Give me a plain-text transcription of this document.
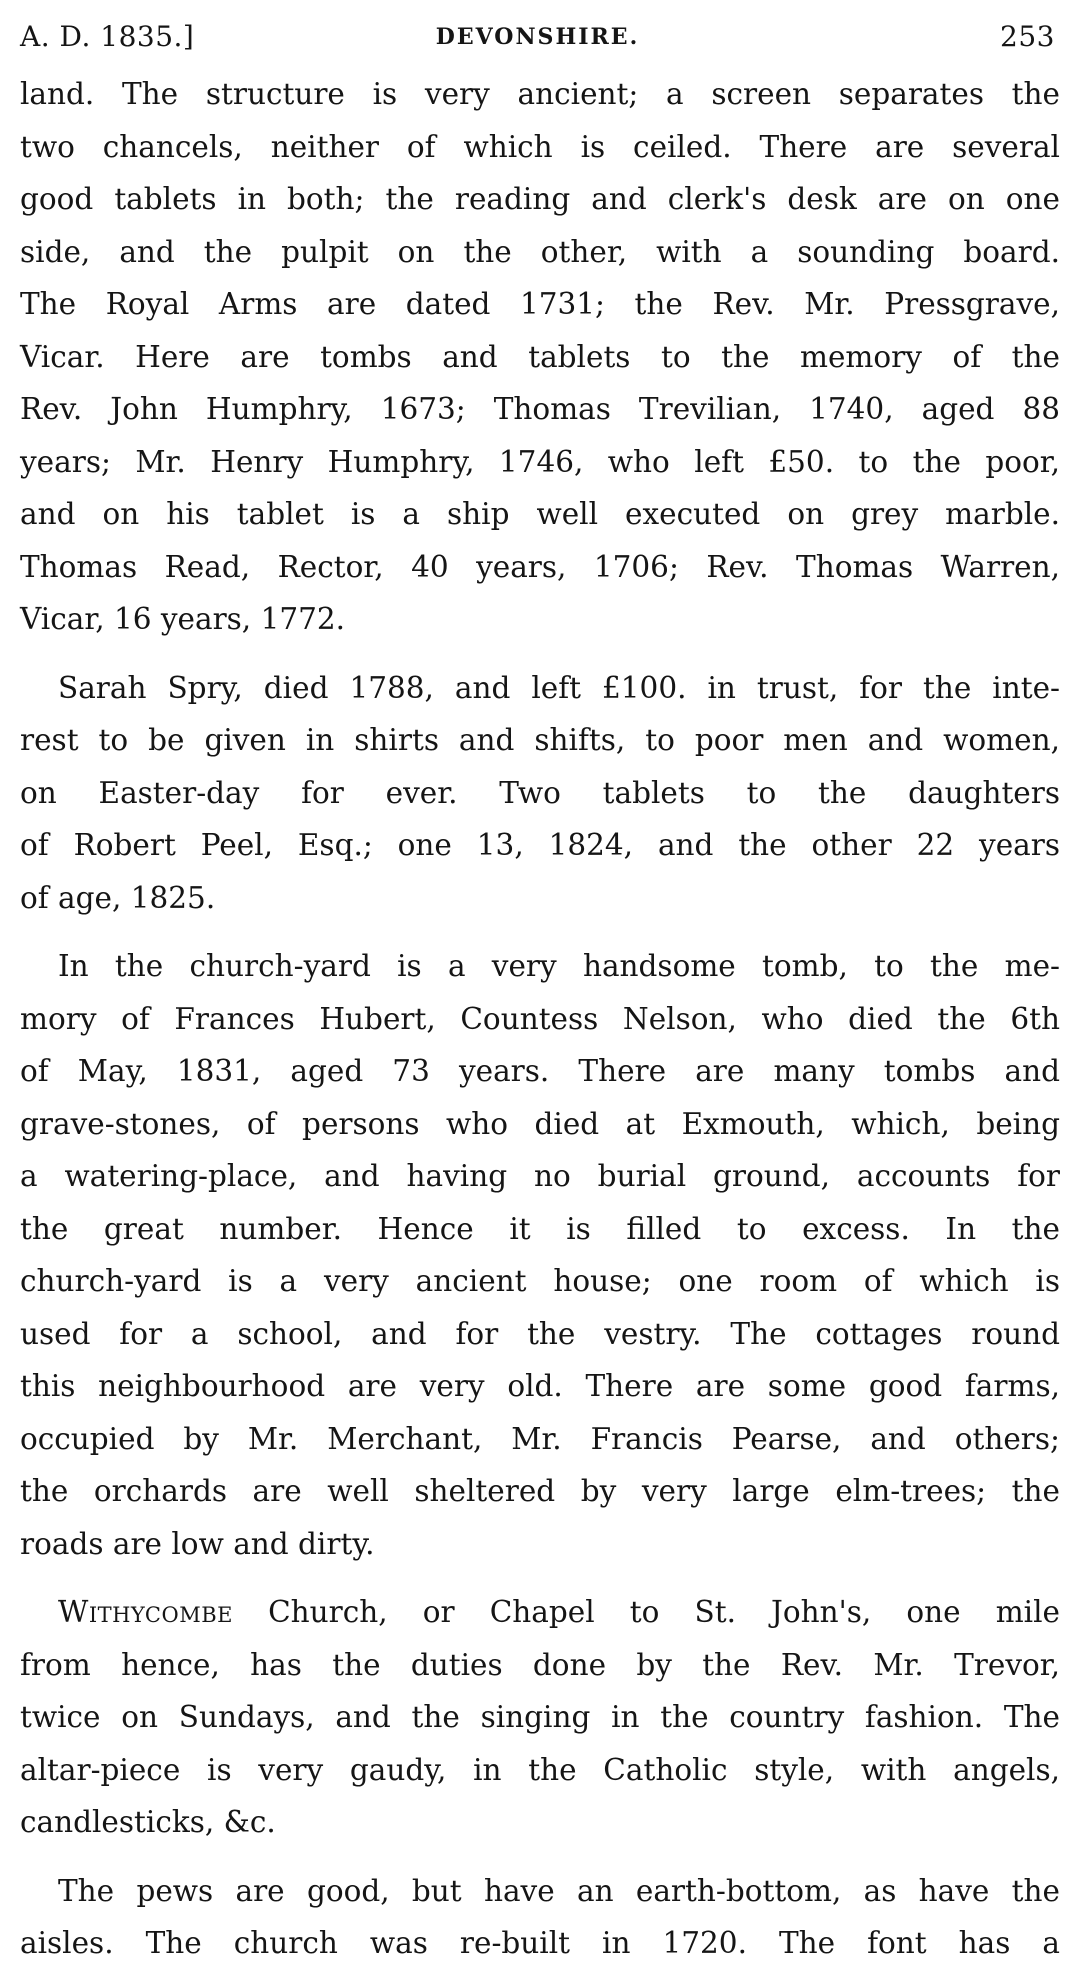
A. D. 1835.]	DEVONSHIRE.	253
land. The structure is very ancient; a screen separates the
two chancels, neither of which is ceiled. There are several
good tablets in both; the reading and clerk's desk are on one
side, and the pulpit on the other, with a sounding board.
The Royal Arms are dated 1731; the Rev. Mr. Pressgrave,
Vicar. Here are tombs and tablets to the memory of the
Rev. John Humphry, 1673; Thomas Trevilian, 1740, aged 88
years; Mr. Henry Humphry, 1746, who left £50. to the poor,
and on his tablet is a ship well executed on grey marble.
Thomas Read, Rector, 40 years, 1706; Rev. Thomas Warren,
Vicar, 16 years, 1772.
Sarah Spry, died 1788, and left £100. in trust, for the inte-
rest to be given in shirts and shifts, to poor men and women,
on Easter-day for ever. Two tablets to the daughters
of Robert Peel, Esq.; one 13, 1824, and the other 22 years
of age, 1825.
In the church-yard is a very handsome tomb, to the me-
mory of Frances Hubert, Countess Nelson, who died the 6th
of May, 1831, aged 73 years. There are many tombs and
grave-stones, of persons who died at Exmouth, which, being
a watering-place, and having no burial ground, accounts for
the great number. Hence it is filled to excess. In the
church-yard is a very ancient house; one room of which is
used for a school, and for the vestry. The cottages round
this neighbourhood are very old. There are some good farms,
occupied by Mr. Merchant, Mr. Francis Pearse, and others;
the orchards are well sheltered by very large elm-trees; the
roads are low and dirty.
Withycombe Church, or Chapel to St. John's, one mile
from hence, has the duties done by the Rev. Mr. Trevor,
twice on Sundays, and the singing in the country fashion. The
altar-piece is very gaudy, in the Catholic style, with angels,
candlesticks, &c.
The pews are good, but have an earth-bottom, as have the
aisles. The church was re-built in 1720. The font has a
